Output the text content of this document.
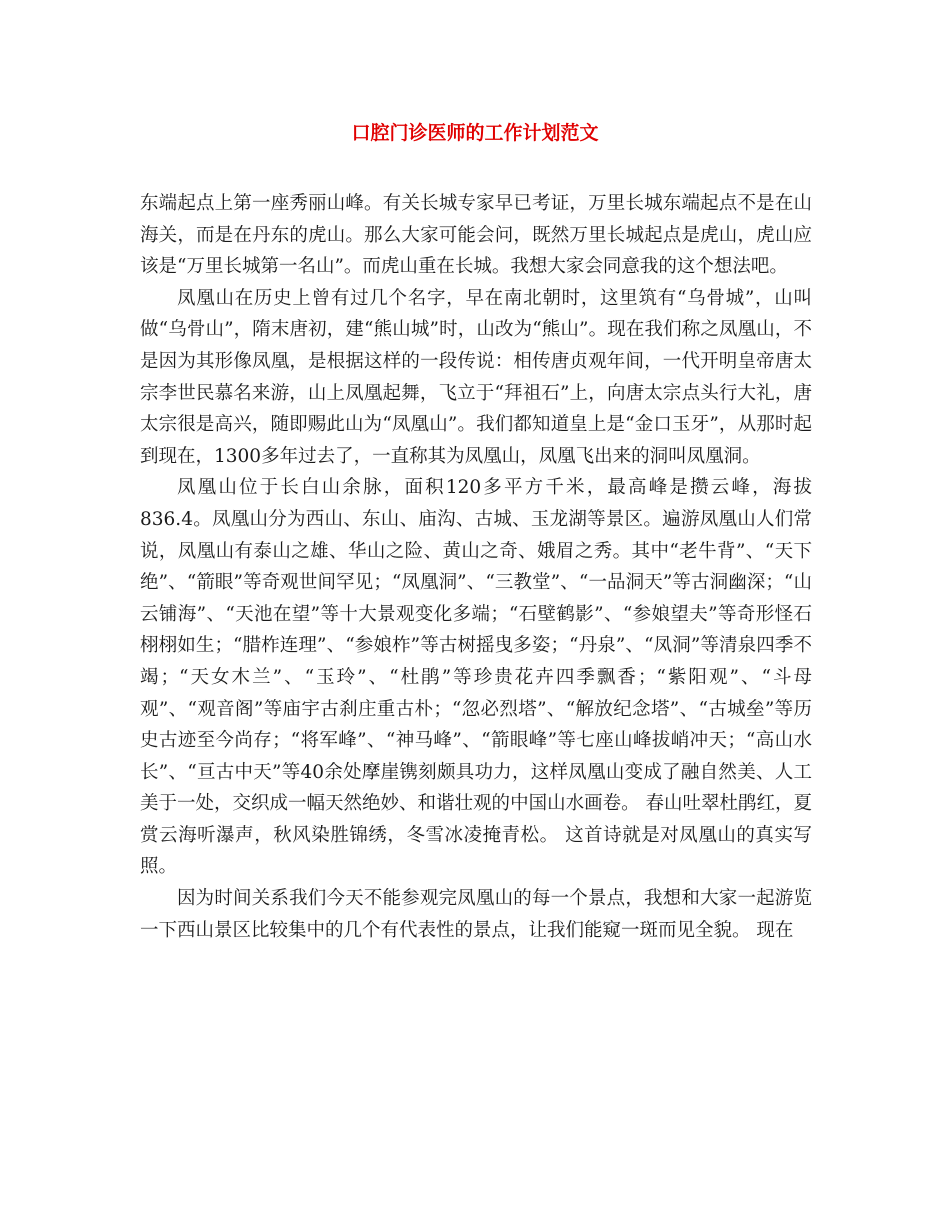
口腔门诊医师的工作计划范文

东端起点上第一座秀丽山峰。有关长城专家早已考证，万里长城东端起点不是在山海关，而是在丹东的虎山。那么大家可能会问，既然万里长城起点是虎山，虎山应该是“万里长城第一名山”。而虎山重在长城。我想大家会同意我的这个想法吧。

凤凰山在历史上曾有过几个名字，早在南北朝时，这里筑有“乌骨城”，山叫做“乌骨山”，隋末唐初，建“熊山城”时，山改为“熊山”。现在我们称之凤凰山，不是因为其形像凤凰，是根据这样的一段传说：相传唐贞观年间，一代开明皇帝唐太宗李世民慕名来游，山上凤凰起舞，飞立于“拜祖石”上，向唐太宗点头行大礼，唐太宗很是高兴，随即赐此山为“凤凰山”。我们都知道皇上是“金口玉牙”，从那时起到现在，1300多年过去了，一直称其为凤凰山，凤凰飞出来的洞叫凤凰洞。

凤凰山位于长白山余脉，面积120多平方千米，最高峰是攒云峰，海拔836.4。凤凰山分为西山、东山、庙沟、古城、玉龙湖等景区。遍游凤凰山人们常说，凤凰山有泰山之雄、华山之险、黄山之奇、娥眉之秀。其中“老牛背”、“天下绝”、“箭眼”等奇观世间罕见；“凤凰洞”、“三教堂”、“一品洞天”等古洞幽深；“山云铺海”、“天池在望”等十大景观变化多端；“石壁鹤影”、“参娘望夫”等奇形怪石栩栩如生；“腊柞连理”、“参娘柞”等古树摇曳多姿；“丹泉”、“凤洞”等清泉四季不竭；“天女木兰”、“玉玲”、“杜鹃”等珍贵花卉四季飘香；“紫阳观”、“斗母观”、“观音阁”等庙宇古刹庄重古朴；“忽必烈塔”、“解放纪念塔”、“古城垒”等历史古迹至今尚存；“将军峰”、“神马峰”、“箭眼峰”等七座山峰拔峭冲天；“高山水长”、“亘古中天”等40余处摩崖镌刻颇具功力，这样凤凰山变成了融自然美、人工美于一处，交织成一幅天然绝妙、和谐壮观的中国山水画卷。 春山吐翠杜鹃红，夏赏云海听瀑声，秋风染胜锦绣，冬雪冰凌掩青松。 这首诗就是对凤凰山的真实写照。

因为时间关系我们今天不能参观完凤凰山的每一个景点，我想和大家一起游览一下西山景区比较集中的几个有代表性的景点，让我们能窥一斑而见全貌。 现在
